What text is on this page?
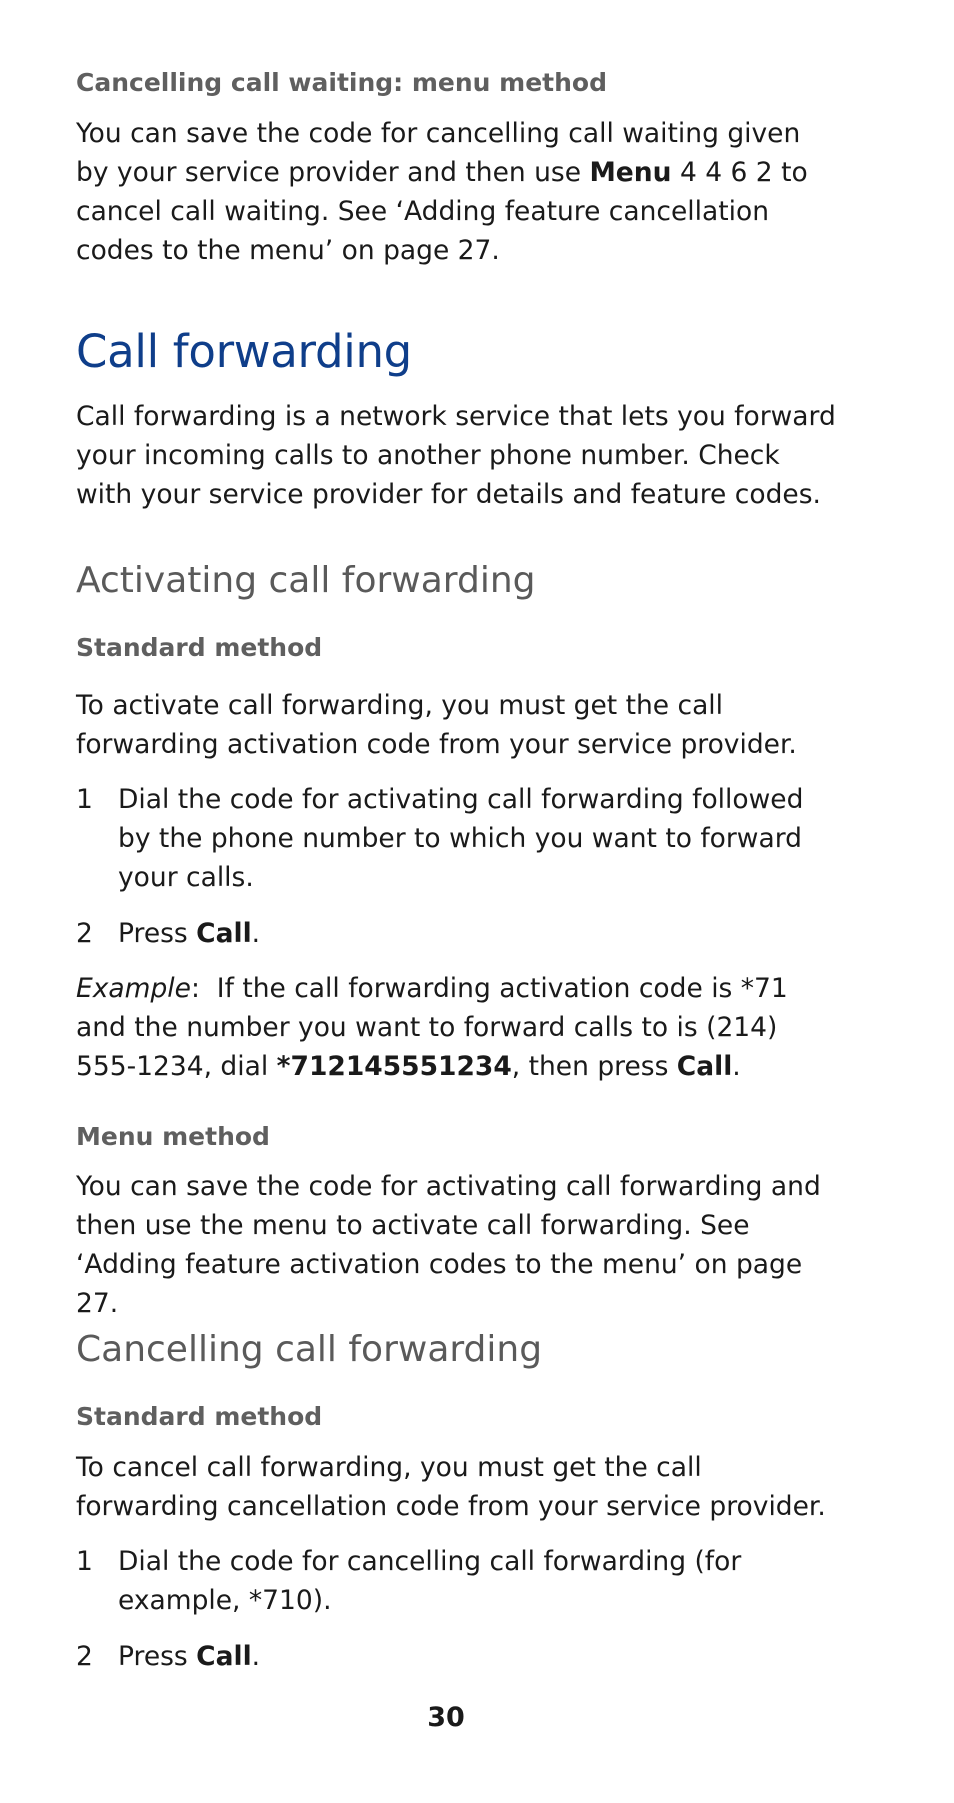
Cancelling call waiting: menu method

You can save the code for cancelling call waiting given by your service provider and then use Menu 4 4 6 2 to cancel call waiting. See ‘Adding feature cancellation codes to the menu’ on page 27.

Call forwarding

Call forwarding is a network service that lets you forward your incoming calls to another phone number. Check with your service provider for details and feature codes.

Activating call forwarding
Standard method

To activate call forwarding, you must get the call forwarding activation code from your service provider.

1 Dial the code for activating call forwarding followed by the phone number to which you want to forward your calls.
2 Press Call.

Example:  If the call forwarding activation code is *71 and the number you want to forward calls to is (214) 555-1234, dial *712145551234, then press Call.

Menu method

You can save the code for activating call forwarding and then use the menu to activate call forwarding. See ‘Adding feature activation codes to the menu’ on page 27.

Cancelling call forwarding
Standard method

To cancel call forwarding, you must get the call forwarding cancellation code from your service provider.

1 Dial the code for cancelling call forwarding (for example, *710).
2 Press Call.
30
